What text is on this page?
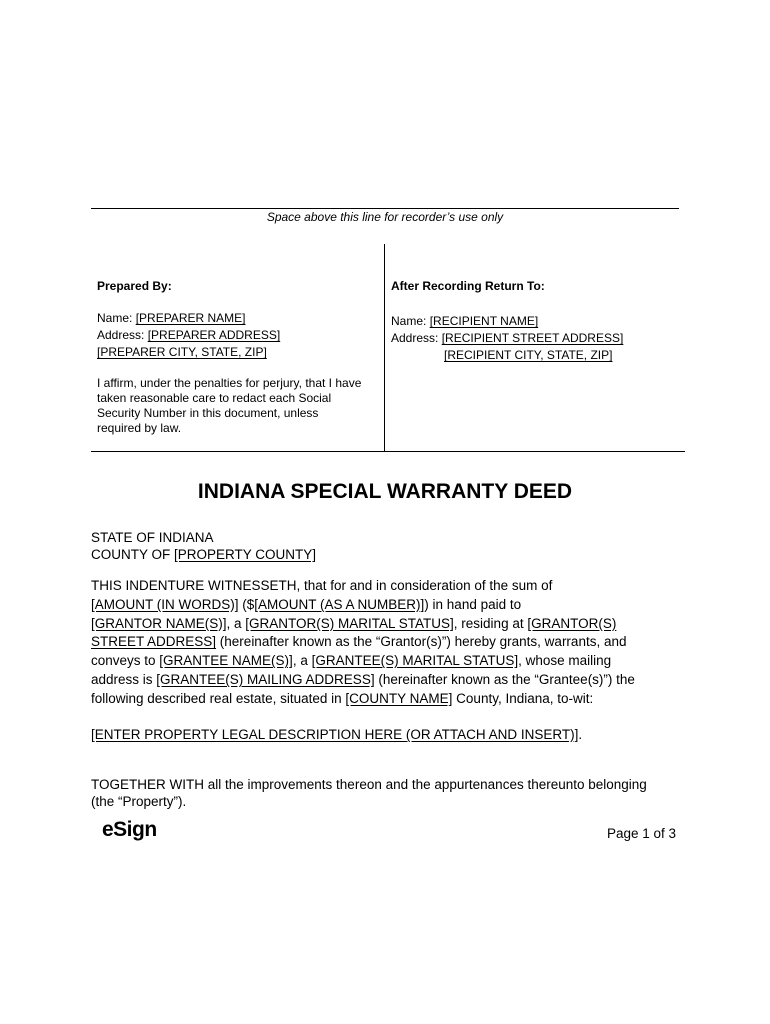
Space above this line for recorder’s use only
Prepared By:
Name: [PREPARER NAME]
Address: [PREPARER ADDRESS]
[PREPARER CITY, STATE, ZIP]
I affirm, under the penalties for perjury, that I have
taken reasonable care to redact each Social
Security Number in this document, unless
required by law.
After Recording Return To:
Name: [RECIPIENT NAME]
Address: [RECIPIENT STREET ADDRESS]
[RECIPIENT CITY, STATE, ZIP]
INDIANA SPECIAL WARRANTY DEED
STATE OF INDIANA
COUNTY OF [PROPERTY COUNTY]
THIS INDENTURE WITNESSETH, that for and in consideration of the sum of
[AMOUNT (IN WORDS)] ($[AMOUNT (AS A NUMBER)]) in hand paid to
[GRANTOR NAME(S)], a [GRANTOR(S) MARITAL STATUS], residing at [GRANTOR(S)
STREET ADDRESS] (hereinafter known as the “Grantor(s)”) hereby grants, warrants, and
conveys to [GRANTEE NAME(S)], a [GRANTEE(S) MARITAL STATUS], whose mailing
address is [GRANTEE(S) MAILING ADDRESS] (hereinafter known as the “Grantee(s)”) the
following described real estate, situated in [COUNTY NAME] County, Indiana, to-wit:
[ENTER PROPERTY LEGAL DESCRIPTION HERE (OR ATTACH AND INSERT)].
TOGETHER WITH all the improvements thereon and the appurtenances thereunto belonging
(the “Property”).
eSign	Page 1 of 3
